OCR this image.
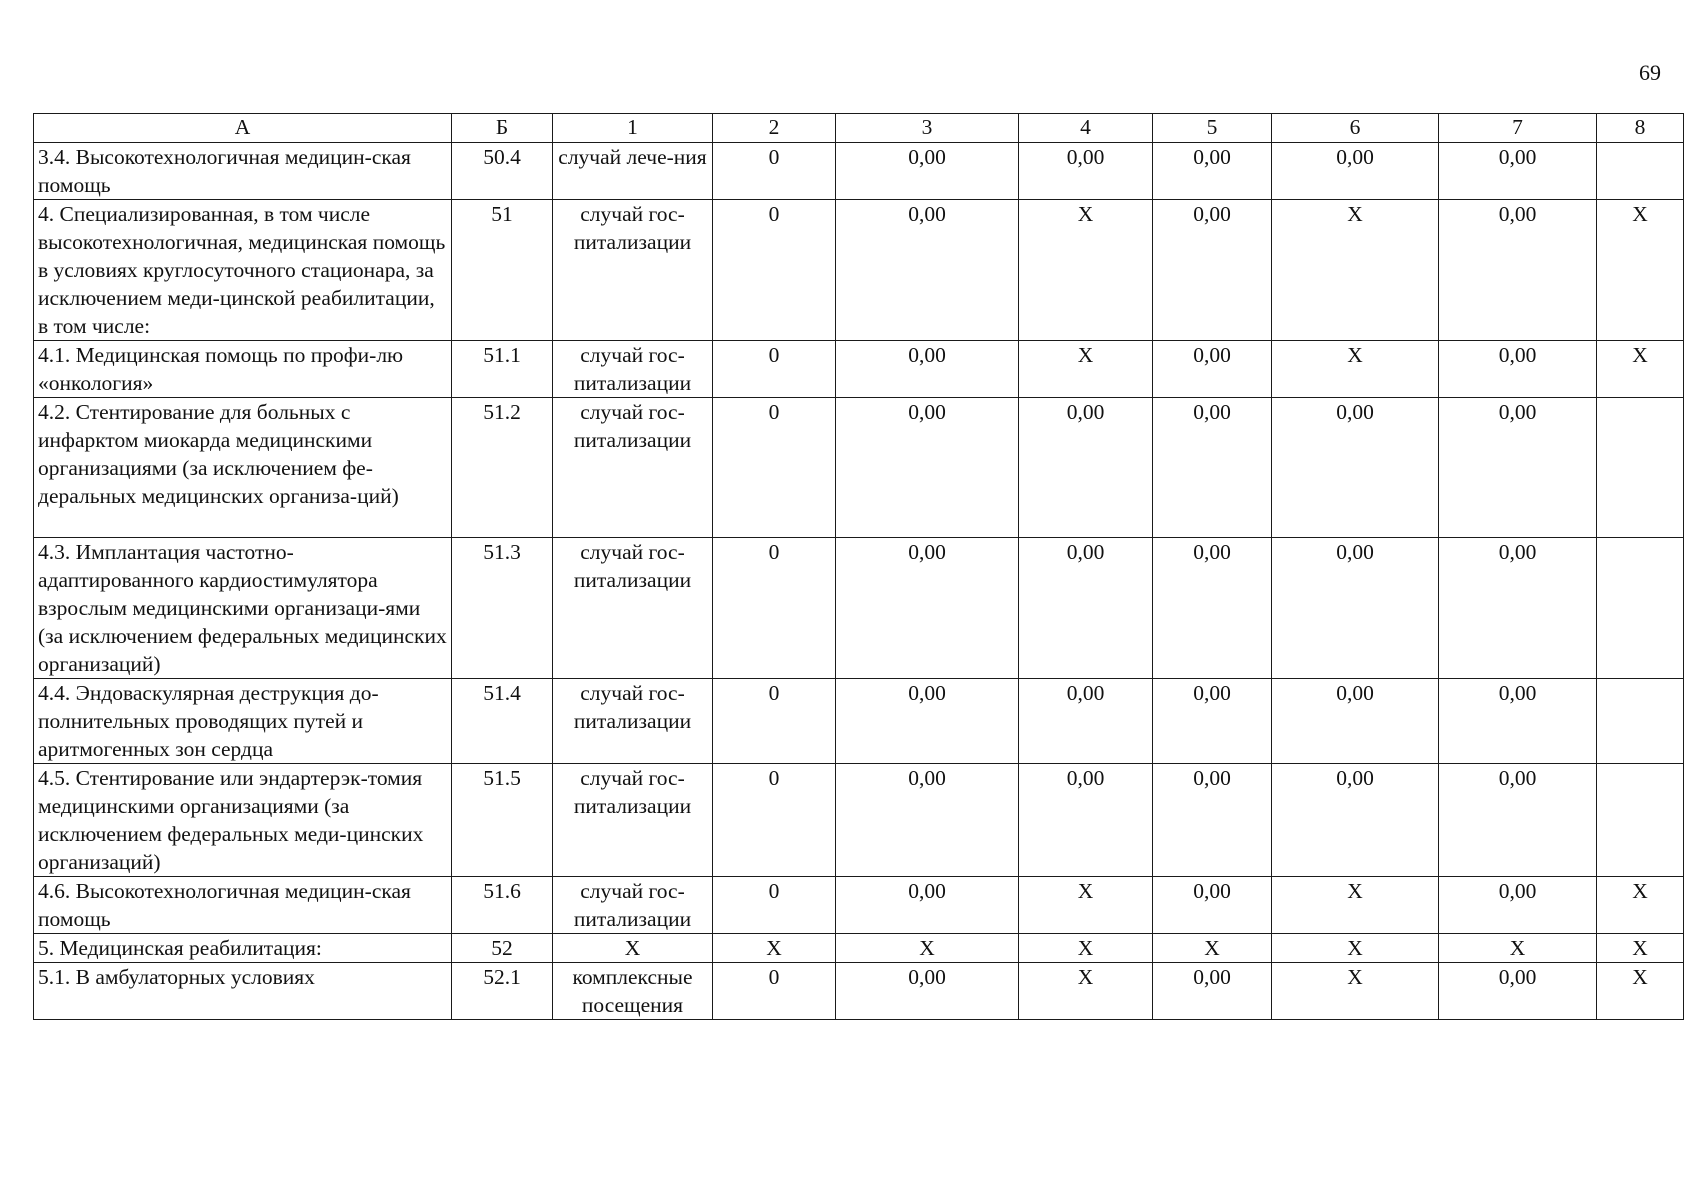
69
А	Б	1	2	3	4	5	6	7	8
3.4. Высокотехнологичная медицин-ская помощь	50.4	случай лече-ния	0	0,00	0,00	0,00	0,00	0,00	
4. Специализированная, в том числе высокотехнологичная, медицинская помощь в условиях круглосуточного стационара, за исключением меди-цинской реабилитации, в том числе:	51	случай гос-питализации	0	0,00	X	0,00	X	0,00	X
4.1. Медицинская помощь по профи-лю «онкология»	51.1	случай гос-питализации	0	0,00	X	0,00	X	0,00	X
4.2. Стентирование для больных с инфарктом миокарда медицинскими организациями (за исключением фе-деральных медицинских организа-ций)	51.2	случай гос-питализации	0	0,00	0,00	0,00	0,00	0,00	
4.3. Имплантация частотно-адаптированного кардиостимулятора взрослым медицинскими организаци-ями (за исключением федеральных медицинских организаций)	51.3	случай гос-питализации	0	0,00	0,00	0,00	0,00	0,00	
4.4. Эндоваскулярная деструкция до-полнительных проводящих путей и аритмогенных зон сердца	51.4	случай гос-питализации	0	0,00	0,00	0,00	0,00	0,00	
4.5. Стентирование или эндартерэк-томия медицинскими организациями (за исключением федеральных меди-цинских организаций)	51.5	случай гос-питализации	0	0,00	0,00	0,00	0,00	0,00	
4.6. Высокотехнологичная медицин-ская помощь	51.6	случай гос-питализации	0	0,00	X	0,00	X	0,00	X
5. Медицинская реабилитация:	52	X	X	X	X	X	X	X	X
5.1. В амбулаторных условиях	52.1	комплексные посещения	0	0,00	X	0,00	X	0,00	X
